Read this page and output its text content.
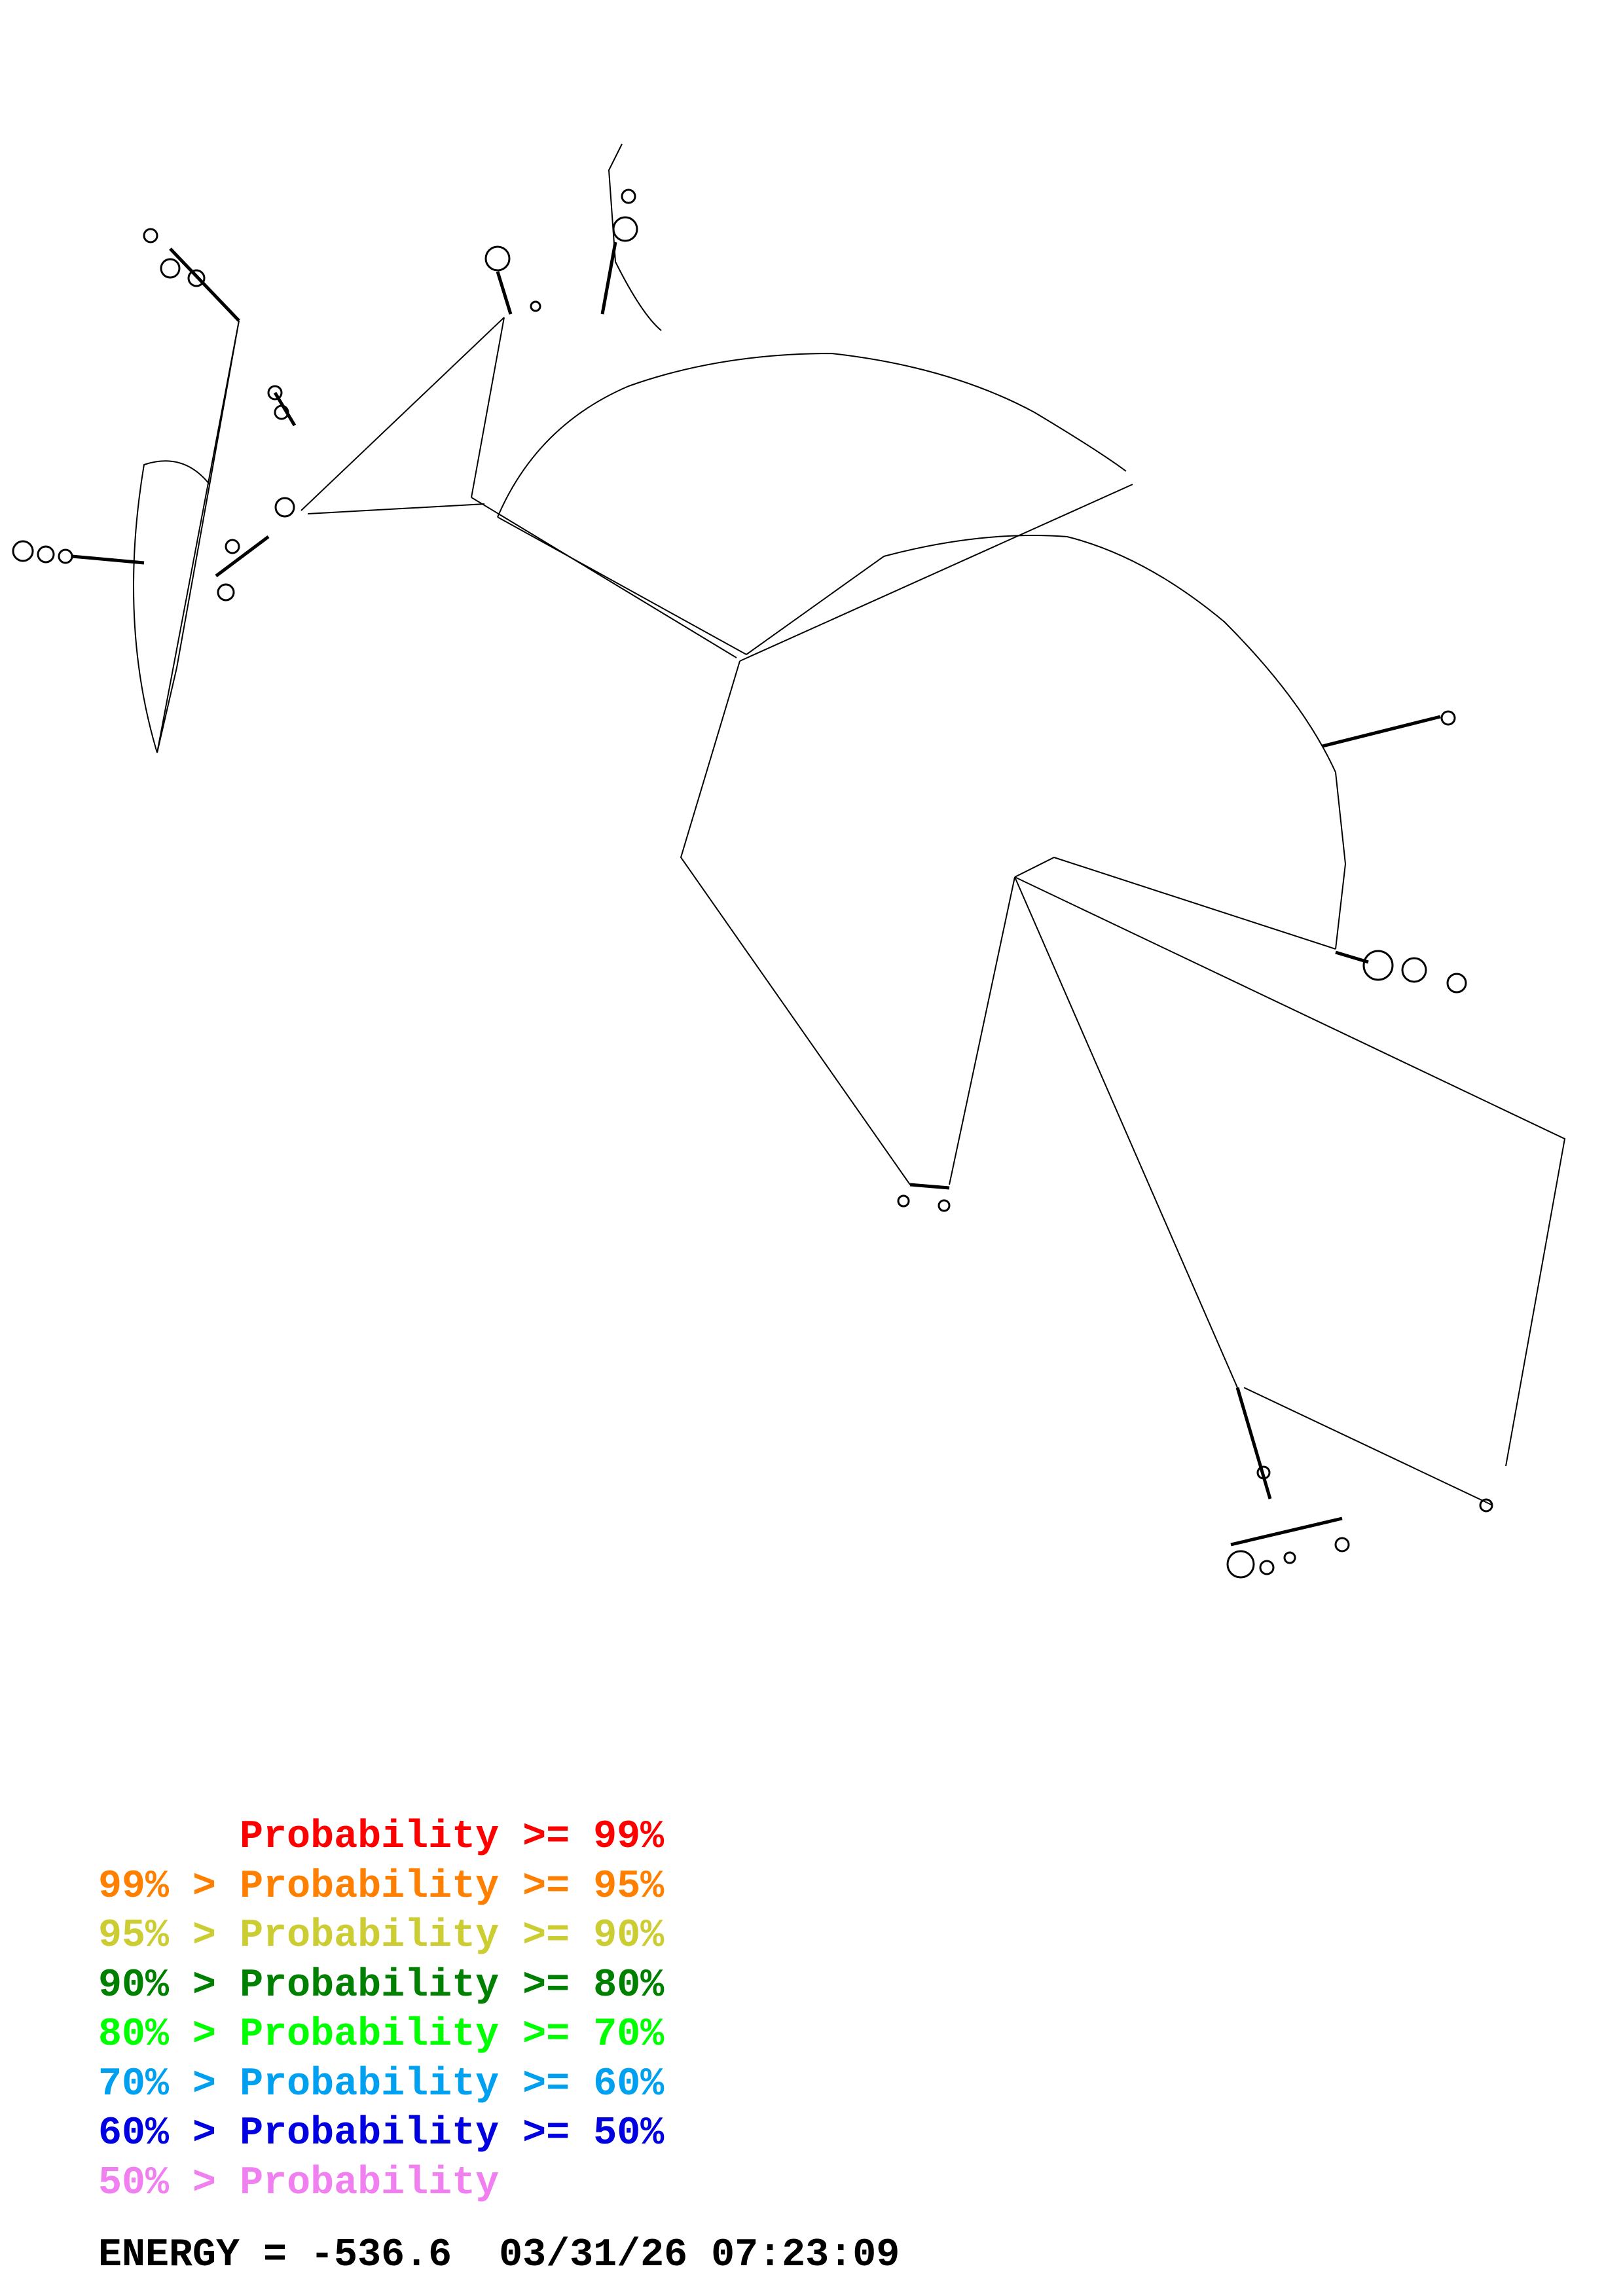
Probability >= 99%
99% > Probability >= 95%
95% > Probability >= 90%
90% > Probability >= 80%
80% > Probability >= 70%
70% > Probability >= 60%
60% > Probability >= 50%
50% > Probability
ENERGY = -536.6 03/31/26 07:23:09
